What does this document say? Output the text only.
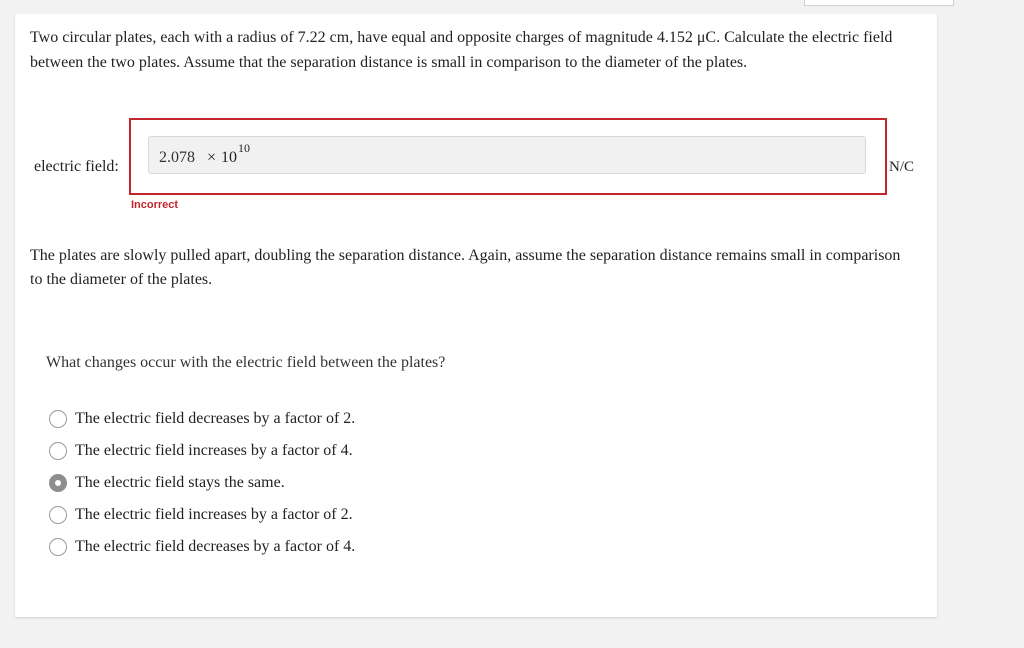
Two circular plates, each with a radius of 7.22 cm, have equal and opposite charges of magnitude 4.152 μC. Calculate the electric field between the two plates. Assume that the separation distance is small in comparison to the diameter of the plates.

electric field:
2.078 × 10
10
N/C
Incorrect

The plates are slowly pulled apart, doubling the separation distance. Again, assume the separation distance remains small in comparison to the diameter of the plates.

What changes occur with the electric field between the plates?
The electric field decreases by a factor of 2.
The electric field increases by a factor of 4.
The electric field stays the same.
The electric field increases by a factor of 2.
The electric field decreases by a factor of 4.
